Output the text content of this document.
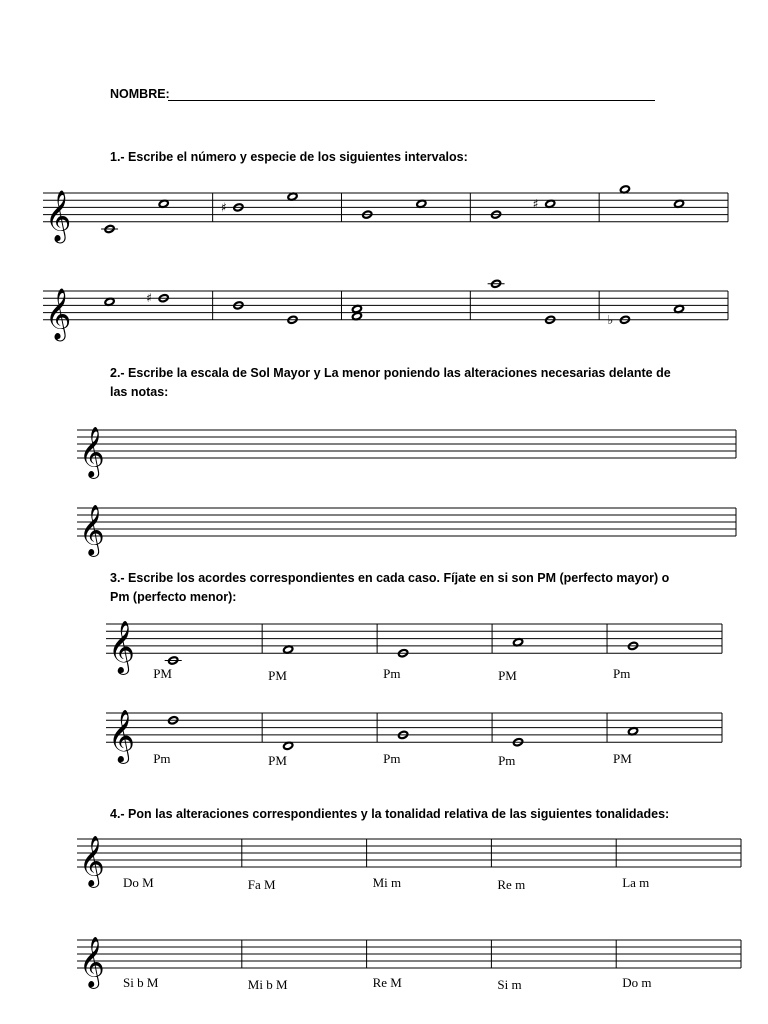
NOMBRE:
1.- Escribe el número y especie de los siguientes intervalos:
𝄞	♯	♯
𝄞	♯
♭
2.- Escribe la escala de Sol Mayor y La menor poniendo las alteraciones necesarias delante de
las notas:
𝄞
𝄞
3.- Escribe los acordes correspondientes en cada caso. Fíjate en si son PM (perfecto mayor) o
Pm (perfecto menor):
𝄞
𝄞
PM	PM	Pm	PM	Pm
Pm	PM	Pm	Pm	PM
4.- Pon las alteraciones correspondientes y la tonalidad relativa de las siguientes tonalidades:
𝄞
𝄞
Do M	Fa M	Mi m	Re m	La m
Si b M	Mi b M	Re M	Si m	Do m
